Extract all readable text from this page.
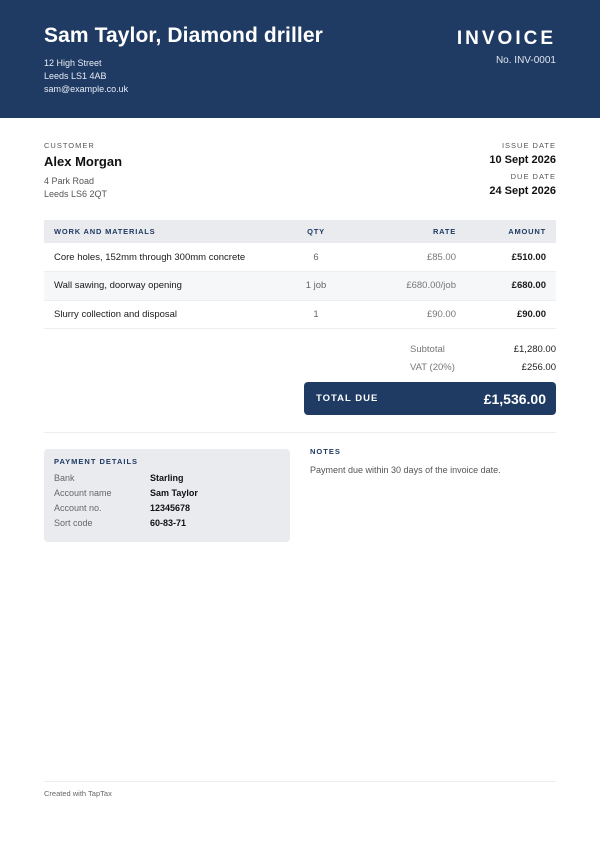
Sam Taylor, Diamond driller
12 High Street
Leeds LS1 4AB
sam@example.co.uk
INVOICE
No. INV-0001
CUSTOMER
Alex Morgan
4 Park Road
Leeds LS6 2QT
ISSUE DATE
10 Sept 2026
DUE DATE
24 Sept 2026
WORK AND MATERIALS	QTY	RATE	AMOUNT
Core holes, 152mm through 300mm concrete	6	£85.00	£510.00
Wall sawing, doorway opening	1 job	£680.00/job	£680.00
Slurry collection and disposal	1	£90.00	£90.00
Subtotal	£1,280.00
VAT (20%)	£256.00
TOTAL DUE	£1,536.00
PAYMENT DETAILS
Bank	Starling
Account name	Sam Taylor
Account no.	12345678
Sort code	60-83-71
NOTES
Payment due within 30 days of the invoice date.
Created with TapTax
